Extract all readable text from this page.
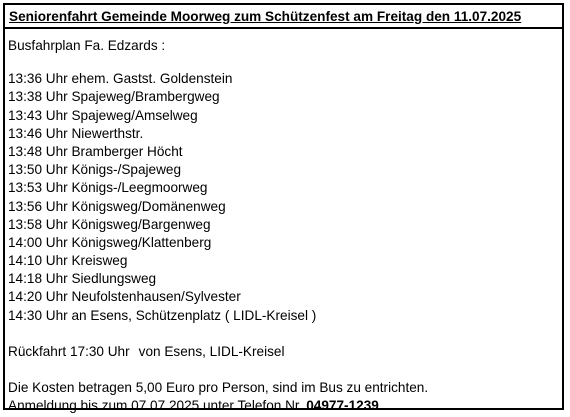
Seniorenfahrt Gemeinde Moorweg zum Schützenfest am Freitag den 11.07.2025
Busfahrplan Fa. Edzards :
13:36 Uhr ehem. Gastst. Goldenstein
13:38 Uhr Spajeweg/Brambergweg
13:43 Uhr Spajeweg/Amselweg
13:46 Uhr Niewerthstr.
13:48 Uhr Bramberger Höcht
13:50 Uhr Königs-/Spajeweg
13:53 Uhr Königs-/Leegmoorweg
13:56 Uhr Königsweg/Domänenweg
13:58 Uhr Königsweg/Bargenweg
14:00 Uhr Königsweg/Klattenberg
14:10 Uhr Kreisweg
14:18 Uhr Siedlungsweg
14:20 Uhr Neufolstenhausen/Sylvester
14:30 Uhr an Esens, Schützenplatz ( LIDL-Kreisel )
Rückfahrt 17:30 Uhr von Esens, LIDL-Kreisel
Die Kosten betragen 5,00 Euro pro Person, sind im Bus zu entrichten.
Anmeldung bis zum 07.07.2025 unter Telefon Nr. 04977-1239
